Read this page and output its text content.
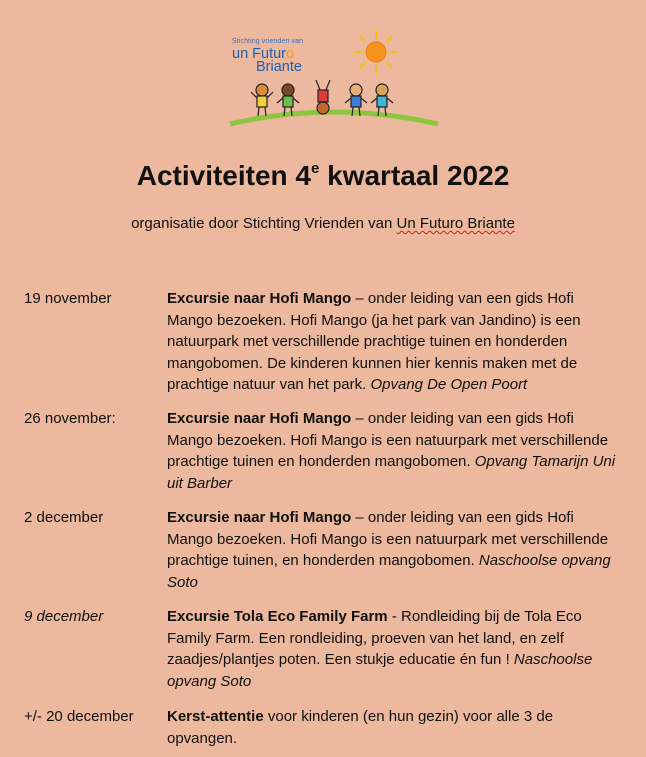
Stichting vrienden van
un Futuro
Briante
Activiteiten 4e kwartaal 2022
organisatie door Stichting Vrienden van Un Futuro Briante
19 november	Excursie naar Hofi Mango – onder leiding van een gids Hofi Mango bezoeken. Hofi Mango (ja het park van Jandino) is een natuurpark met verschillende prachtige tuinen en honderden mangobomen. De kinderen kunnen hier kennis maken met de prachtige natuur van het park. Opvang De Open Poort
26 november:	Excursie naar Hofi Mango – onder leiding van een gids Hofi Mango bezoeken. Hofi Mango is een natuurpark met verschillende prachtige tuinen en honderden mangobomen. Opvang Tamarijn Uni uit Barber
2 december	Excursie naar Hofi Mango – onder leiding van een gids Hofi Mango bezoeken. Hofi Mango is een natuurpark met verschillende prachtige tuinen, en honderden mangobomen. Naschoolse opvang Soto
9 december	Excursie Tola Eco Family Farm - Rondleiding bij de Tola Eco Family Farm. Een rondleiding, proeven van het land, en zelf zaadjes/plantjes poten. Een stukje educatie én fun ! Naschoolse opvang Soto
+/- 20 december	Kerst-attentie voor kinderen (en hun gezin) voor alle 3 de opvangen.
